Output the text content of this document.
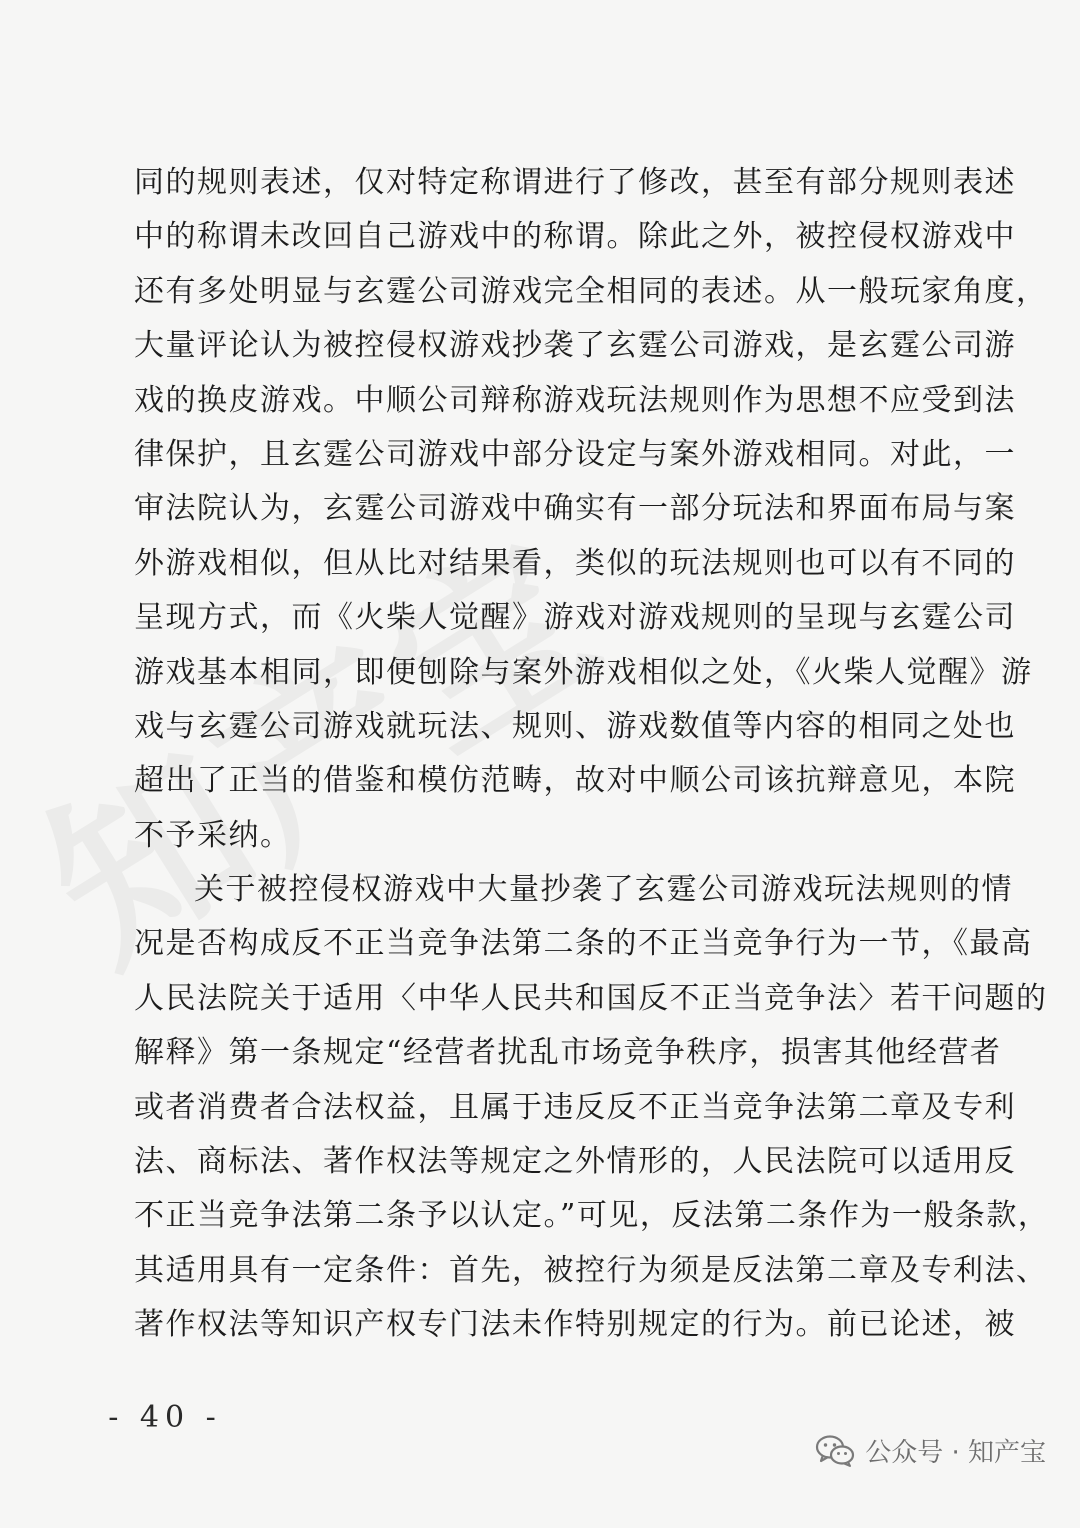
同的规则表述，仅对特定称谓进行了修改，甚至有部分规则表述
中的称谓未改回自己游戏中的称谓。除此之外，被控侵权游戏中
还有多处明显与玄霆公司游戏完全相同的表述。从一般玩家角度，
大量评论认为被控侵权游戏抄袭了玄霆公司游戏，是玄霆公司游
戏的换皮游戏。中顺公司辩称游戏玩法规则作为思想不应受到法
律保护，且玄霆公司游戏中部分设定与案外游戏相同。对此，一
审法院认为，玄霆公司游戏中确实有一部分玩法和界面布局与案
外游戏相似，但从比对结果看，类似的玩法规则也可以有不同的
呈现方式，而《火柴人觉醒》游戏对游戏规则的呈现与玄霆公司
游戏基本相同，即便刨除与案外游戏相似之处，《火柴人觉醒》游
戏与玄霆公司游戏就玩法、规则、游戏数值等内容的相同之处也
超出了正当的借鉴和模仿范畴，故对中顺公司该抗辩意见，本院
不予采纳。
关于被控侵权游戏中大量抄袭了玄霆公司游戏玩法规则的情
况是否构成反不正当竞争法第二条的不正当竞争行为一节，《最高
人民法院关于适用〈中华人民共和国反不正当竞争法〉若干问题的
解释》第一条规定“经营者扰乱市场竞争秩序，损害其他经营者
或者消费者合法权益，且属于违反反不正当竞争法第二章及专利
法、商标法、著作权法等规定之外情形的，人民法院可以适用反
不正当竞争法第二条予以认定。”可见，反法第二条作为一般条款，
其适用具有一定条件：首先，被控行为须是反法第二章及专利法、
著作权法等知识产权专门法未作特别规定的行为。前已论述，被
- 40 -
公众号 · 知产宝
